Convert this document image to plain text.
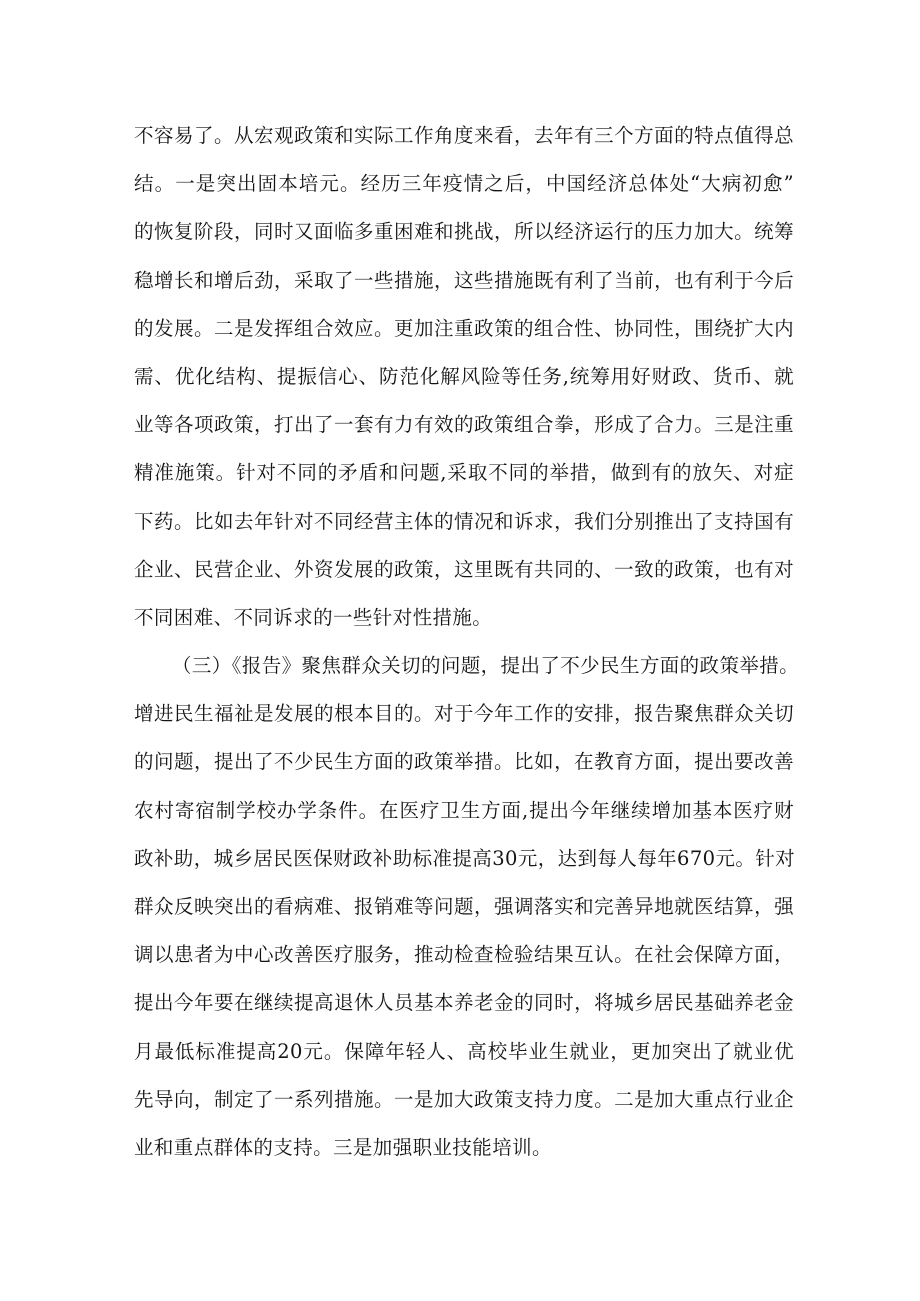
不容易了。从宏观政策和实际工作角度来看，去年有三个方面的特点值得总
结。一是突出固本培元。经历三年疫情之后，中国经济总体处“大病初愈”
的恢复阶段，同时又面临多重困难和挑战，所以经济运行的压力加大。统筹
稳增长和增后劲，采取了一些措施，这些措施既有利了当前，也有利于今后
的发展。二是发挥组合效应。更加注重政策的组合性、协同性，围绕扩大内
需、优化结构、提振信心、防范化解风险等任务,统筹用好财政、货币、就
业等各项政策，打出了一套有力有效的政策组合拳，形成了合力。三是注重
精准施策。针对不同的矛盾和问题,采取不同的举措，做到有的放矢、对症
下药。比如去年针对不同经营主体的情况和诉求，我们分别推出了支持国有
企业、民营企业、外资发展的政策，这里既有共同的、一致的政策，也有对
不同困难、不同诉求的一些针对性措施。
（三）《报告》聚焦群众关切的问题，提出了不少民生方面的政策举措。
增进民生福祉是发展的根本目的。对于今年工作的安排，报告聚焦群众关切
的问题，提出了不少民生方面的政策举措。比如，在教育方面，提出要改善
农村寄宿制学校办学条件。在医疗卫生方面,提出今年继续增加基本医疗财
政补助，城乡居民医保财政补助标准提高30元，达到每人每年670元。针对
群众反映突出的看病难、报销难等问题，强调落实和完善异地就医结算，强
调以患者为中心改善医疗服务，推动检查检验结果互认。在社会保障方面，
提出今年要在继续提高退休人员基本养老金的同时，将城乡居民基础养老金
月最低标准提高20元。保障年轻人、高校毕业生就业，更加突出了就业优
先导向，制定了一系列措施。一是加大政策支持力度。二是加大重点行业企
业和重点群体的支持。三是加强职业技能培训。
